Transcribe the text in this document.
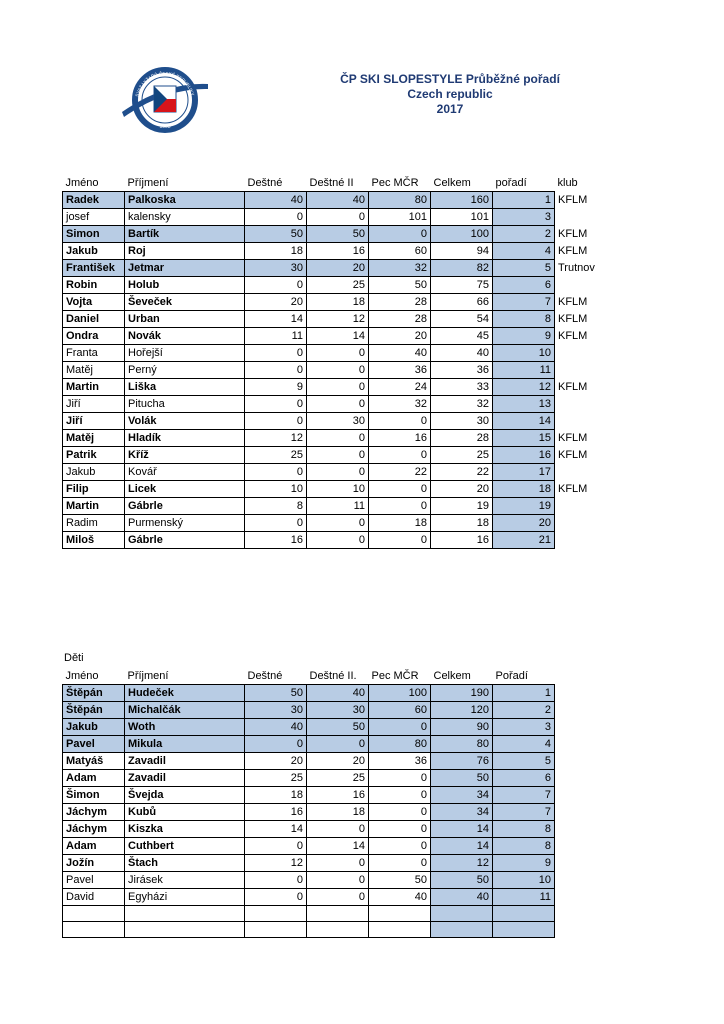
SVAZ LYŽAŘŮ ČESKÉ REPUBLIKY
1903
ČP SKI SLOPESTYLE Průběžné pořadí
Czech republic
2017
Jméno	Příjmení	Deštné	Deštné II	Pec MČR	Celkem	pořadí	klub
Radek	Palkoska	40	40	80	160	1	KFLM
josef	kalensky	0	0	101	101	3	
Simon	Bartík	50	50	0	100	2	KFLM
Jakub	Roj	18	16	60	94	4	KFLM
František	Jetmar	30	20	32	82	5	Trutnov
Robin	Holub	0	25	50	75	6	
Vojta	Ševeček	20	18	28	66	7	KFLM
Daniel	Urban	14	12	28	54	8	KFLM
Ondra	Novák	11	14	20	45	9	KFLM
Franta	Hořejší	0	0	40	40	10	
Matěj	Perný	0	0	36	36	11	
Martin	Liška	9	0	24	33	12	KFLM
Jiří	Pitucha	0	0	32	32	13	
Jiří	Volák	0	30	0	30	14	
Matěj	Hladík	12	0	16	28	15	KFLM
Patrik	Kříž	25	0	0	25	16	KFLM
Jakub	Kovář	0	0	22	22	17	
Filip	Licek	10	10	0	20	18	KFLM
Martin	Gábrle	8	11	0	19	19	
Radim	Purmenský	0	0	18	18	20	
Miloš	Gábrle	16	0	0	16	21	
Děti
Jméno	Příjmení	Deštné	Deštné II.	Pec MČR	Celkem	Pořadí
Štěpán	Hudeček	50	40	100	190	1
Štěpán	Michalčák	30	30	60	120	2
Jakub	Woth	40	50	0	90	3
Pavel	Mikula	0	0	80	80	4
Matyáš	Zavadil	20	20	36	76	5
Adam	Zavadil	25	25	0	50	6
Šimon	Švejda	18	16	0	34	7
Jáchym	Kubů	16	18	0	34	7
Jáchym	Kiszka	14	0	0	14	8
Adam	Cuthbert	0	14	0	14	8
Jožín	Štach	12	0	0	12	9
Pavel	Jirásek	0	0	50	50	10
David	Egyházi	0	0	40	40	11
